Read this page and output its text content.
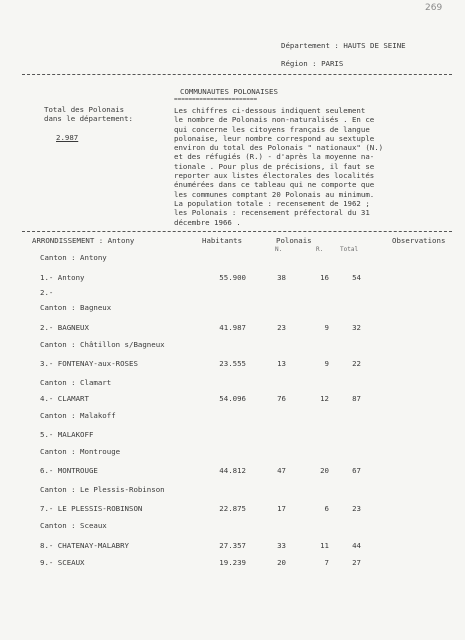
269
Département : HAUTS DE SEINE
Région : PARIS
COMMUNAUTES POLONAISES
=======================
Total des Polonais
dans le département:
2.987

Les chiffres ci-dessous indiquent seulement

le nombre de Polonais non-naturalisés . En ce

qui concerne les citoyens français de langue

polonaise, leur nombre correspond au sextuple

environ du total des Polonais " nationaux" (N.)

et des réfugiés (R.) - d'après la moyenne na-

tionale . Pour plus de précisions, il faut se

reporter aux listes électorales des localités

énumérées dans ce tableau qui ne comporte que

les communes comptant 20 Polonais au minimum.

La population totale : recensement de 1962 ;

les Polonais : recensement préfectoral du 31

décembre 1966 .

ARRONDISSEMENT : Antony	Habitants	Polonais	Observations
N.	R.	Total
Canton : Antony
1.- Antony	55.900	38	16	54
2.-
Canton : Bagneux
2.- BAGNEUX	41.987	23	9	32
Canton : Châtillon s/Bagneux
3.- FONTENAY-aux-ROSES	23.555	13	9	22
Canton : Clamart
4.- CLAMART	54.096	76	12	87
Canton : Malakoff
5.- MALAKOFF
Canton : Montrouge
6.- MONTROUGE	44.812	47	20	67
Canton : Le Plessis-Robinson
7.- LE PLESSIS-ROBINSON	22.875	17	6	23
Canton : Sceaux
8.- CHATENAY-MALABRY	27.357	33	11	44
9.- SCEAUX	19.239	20	7	27
